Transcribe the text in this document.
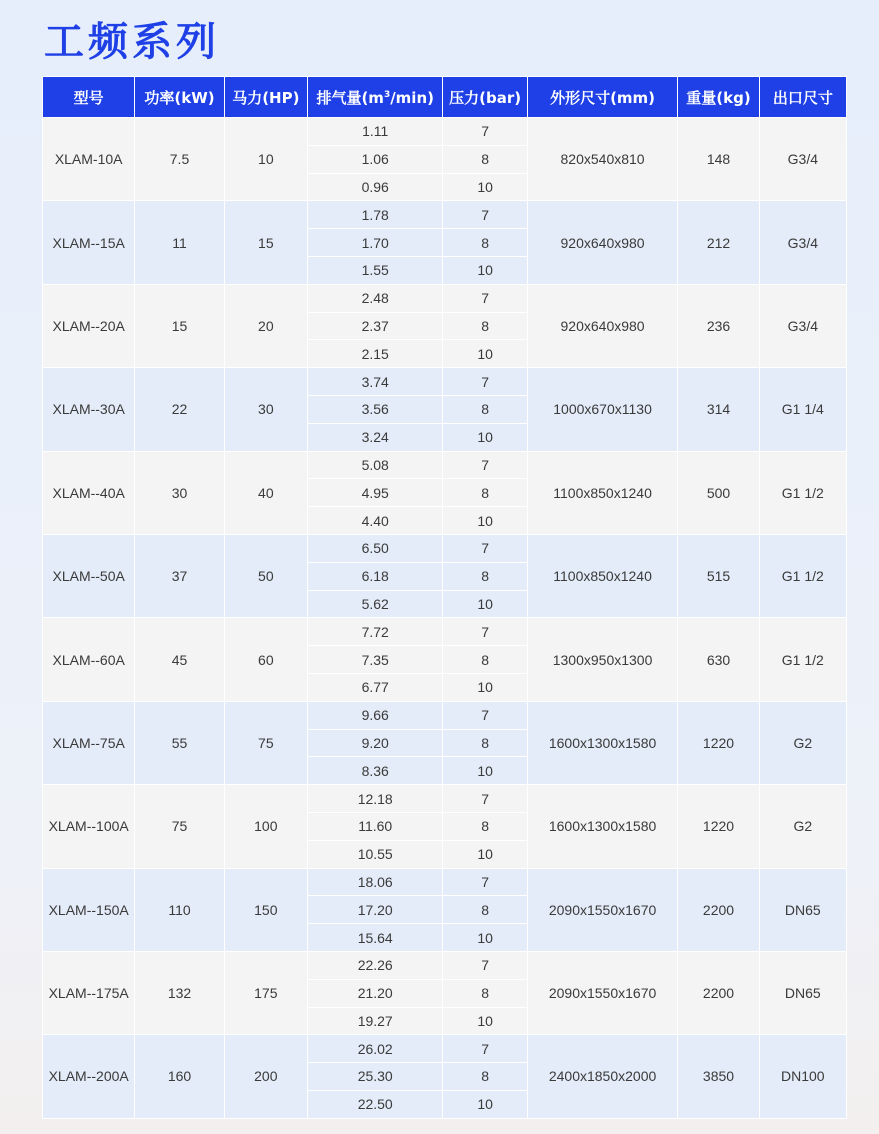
工频系列
型号	功率(kW)	马力(HP)	排气量$(m^3/\min)$	压力(bar)	外形尺寸(mm)	重量(kg)	出口尺寸
XLAM-10A	7.5	10	1.11	7	820x540x810	148	G3/4
			1.06	8			
			0.96	10			
XLAM--15A	11	15	1.78	7	920x640x980	212	G3/4
			1.70	8			
			1.55	10			
XLAM--20A	15	20	2.48	7	920x640x980	236	G3/4
			2.37	8			
			2.15	10			
XLAM--30A	22	30	3.74	7	1000x670x1130	314	G1 1/4
			3.56	8			
			3.24	10			
XLAM--40A	30	40	5.08	7	1100x850x1240	500	G1 1/2
			4.95	8			
			4.40	10			
XLAM--50A	37	50	6.50	7	1100x850x1240	515	G1 1/2
			6.18	8			
			5.62	10			
XLAM--60A	45	60	7.72	7	1300x950x1300	630	G1 1/2
			7.35	8			
			6.77	10			
XLAM--75A	55	75	9.66	7	1600x1300x1580	1220	G2
			9.20	8			
			8.36	10			
XLAM--100A	75	100	12.18	7	1600x1300x1580	1220	G2
			11.60	8			
			10.55	10			
XLAM--150A	110	150	18.06	7	2090x1550x1670	2200	DN65
			17.20	8			
			15.64	10			
XLAM--175A	132	175	22.26	7	2090x1550x1670	2200	DN65
			21.20	8			
			19.27	10			
XLAM--200A	160	200	26.02	7	2400x1850x2000	3850	DN100
			25.30	8			
			22.50	10			
